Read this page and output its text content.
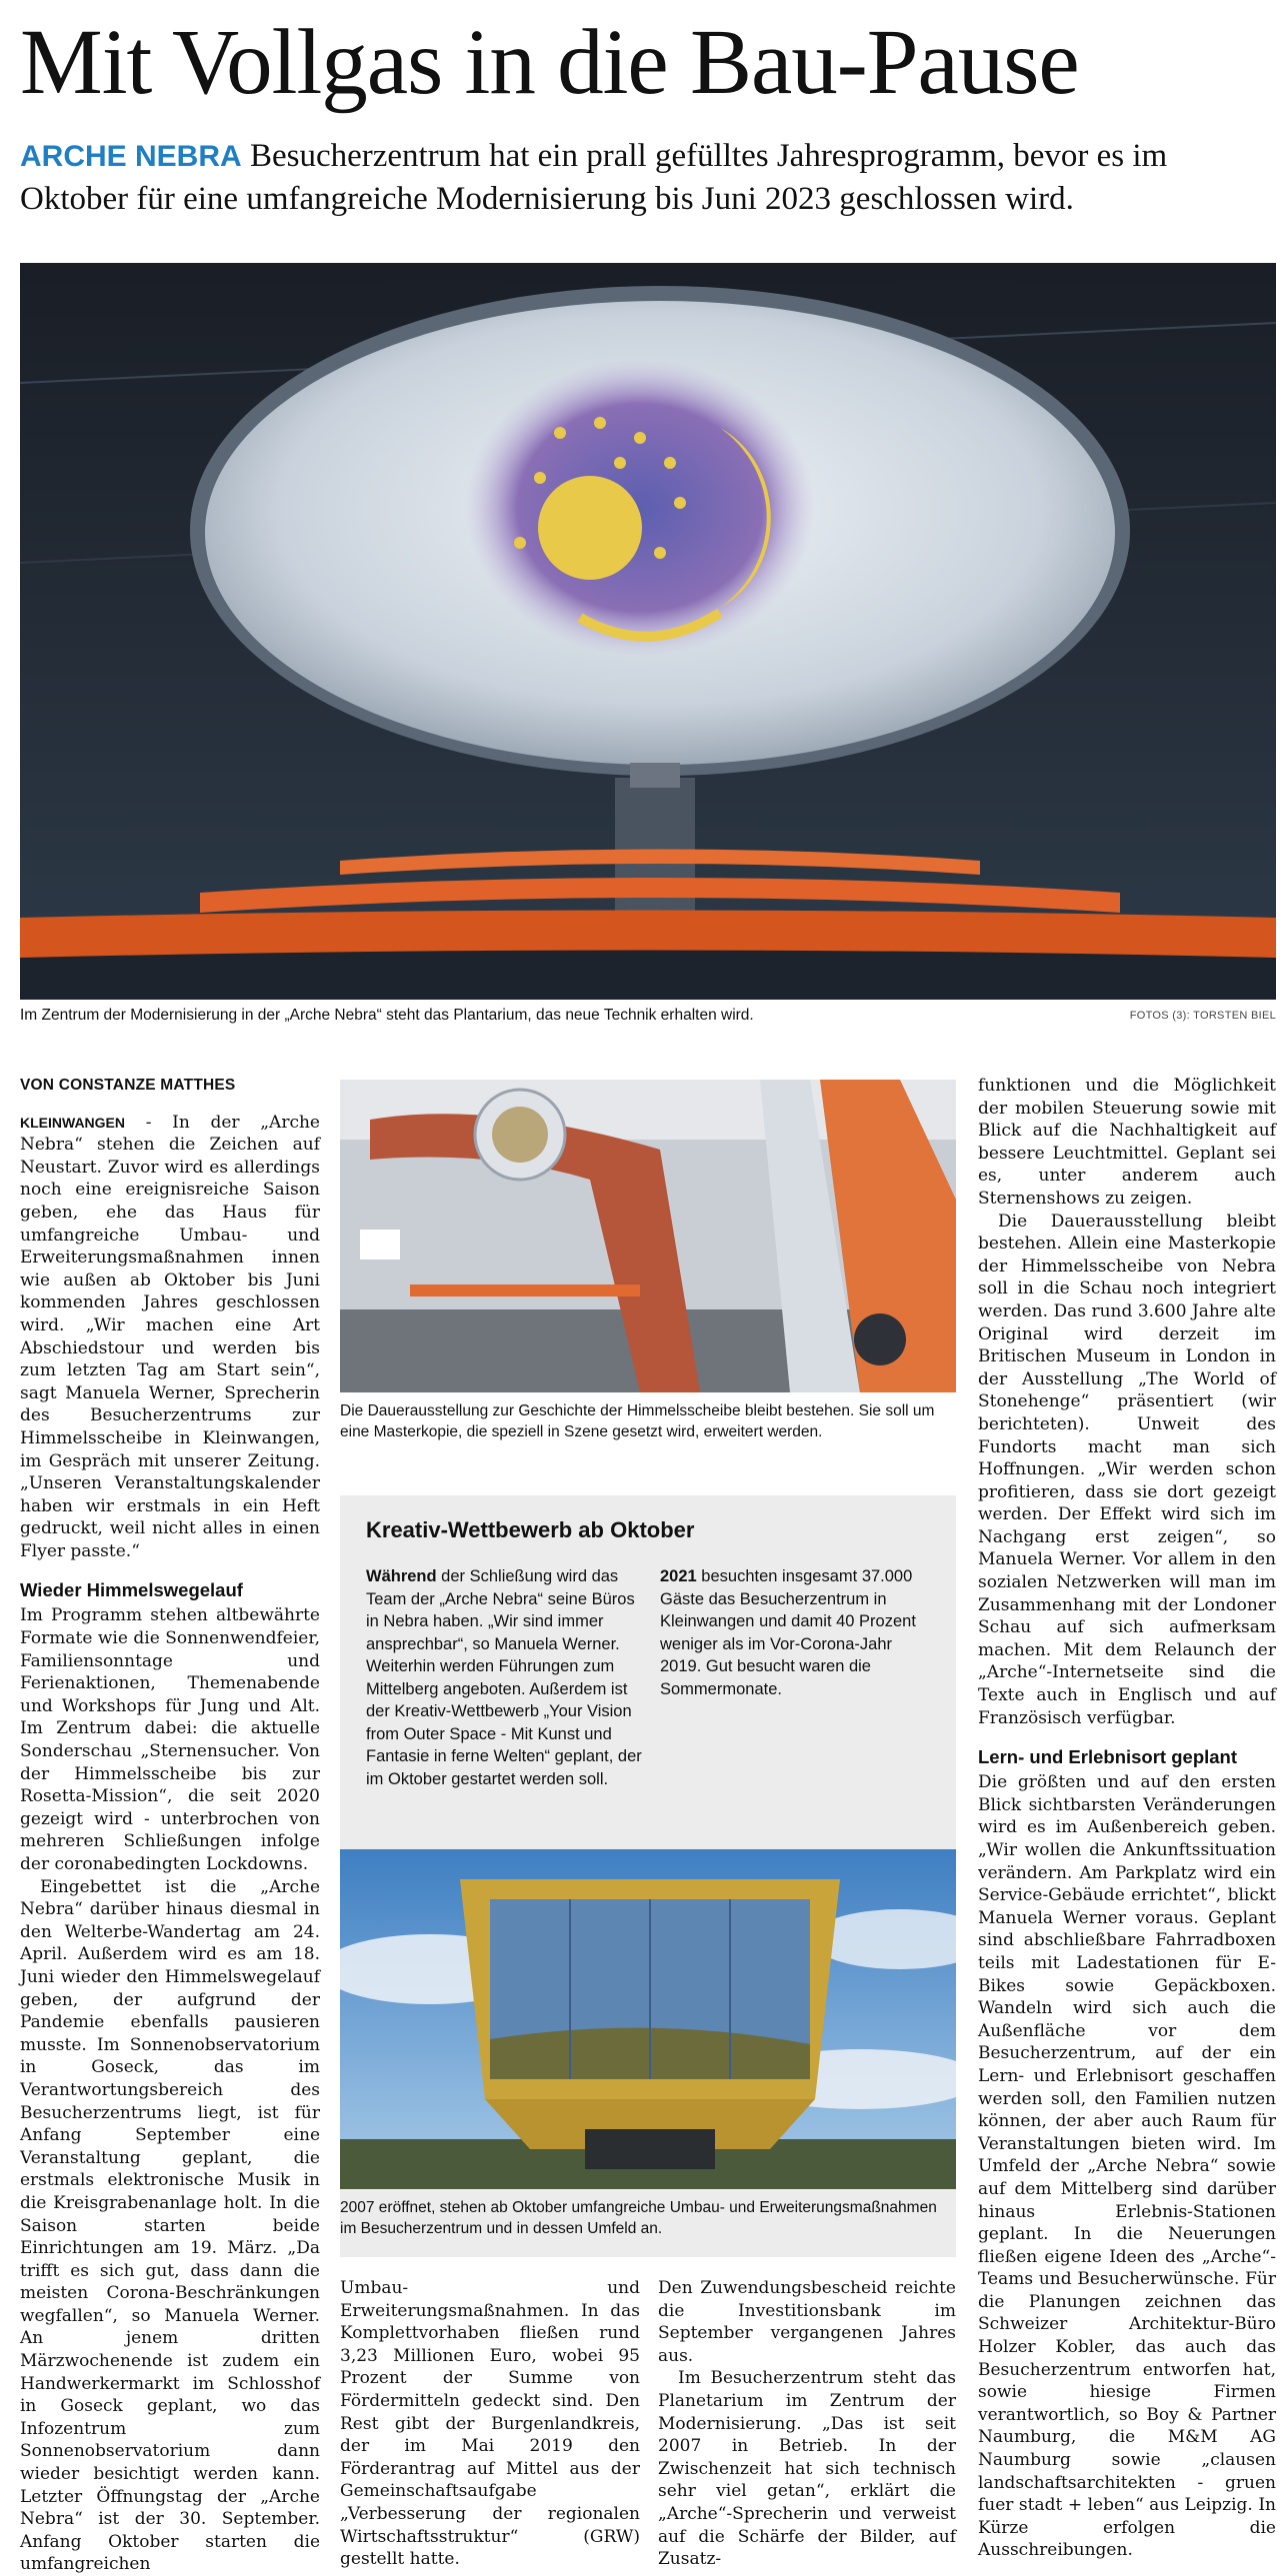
Mit Vollgas in die Bau-Pause
ARCHE NEBRA Besucherzentrum hat ein prall gefülltes Jahresprogramm, bevor es im Oktober für eine umfangreiche Modernisierung bis Juni 2023 geschlossen wird.
Im Zentrum der Modernisierung in der „Arche Nebra“ steht das Plantarium, das neue Technik erhalten wird.	FOTOS (3): TORSTEN BIEL
VON CONSTANZE MATTHES

KLEINWANGEN - In der „Arche Nebra“ stehen die Zeichen auf Neustart. Zuvor wird es allerdings noch eine ereignisreiche Saison geben, ehe das Haus für umfangreiche Umbau- und Erweiterungsmaßnahmen innen wie außen ab Oktober bis Juni kommenden Jahres geschlossen wird. „Wir machen eine Art Abschiedstour und werden bis zum letzten Tag am Start sein“, sagt Manuela Werner, Sprecherin des Besucherzentrums zur Himmelsscheibe in Kleinwangen, im Gespräch mit unserer Zeitung. „Unseren Veranstaltungskalender haben wir erstmals in ein Heft gedruckt, weil nicht alles in einen Flyer passte.“

Wieder Himmelswegelauf

Im Programm stehen altbewährte Formate wie die Sonnenwendfeier, Familiensonntage und Ferienaktionen, Themenabende und Workshops für Jung und Alt. Im Zentrum dabei: die aktuelle Sonderschau „Sternensucher. Von der Himmelsscheibe bis zur Rosetta-Mission“, die seit 2020 gezeigt wird - unterbrochen von mehreren Schließungen infolge der coronabedingten Lockdowns.

Eingebettet ist die „Arche Nebra“ darüber hinaus diesmal in den Welterbe-Wandertag am 24. April. Außerdem wird es am 18. Juni wieder den Himmelswegelauf geben, der aufgrund der Pandemie ebenfalls pausieren musste. Im Sonnenobservatorium in Goseck, das im Verantwortungsbereich des Besucherzentrums liegt, ist für Anfang September eine Veranstaltung geplant, die erstmals elektronische Musik in die Kreisgrabenanlage holt. In die Saison starten beide Einrichtungen am 19. März. „Da trifft es sich gut, dass dann die meisten Corona-Beschränkungen wegfallen“, so Manuela Werner. An jenem dritten Märzwochenende ist zudem ein Handwerkermarkt im Schlosshof in Goseck geplant, wo das Infozentrum zum Sonnenobservatorium dann wieder besichtigt werden kann. Letzter Öffnungstag der „Arche Nebra“ ist der 30. September. Anfang Oktober starten die umfangreichen

Die Dauerausstellung zur Geschichte der Himmelsscheibe bleibt bestehen. Sie soll um eine Masterkopie, die speziell in Szene gesetzt wird, erweitert werden.
Kreativ-Wettbewerb ab Oktober

Während der Schließung wird das Team der „Arche Nebra“ seine Büros in Nebra haben. „Wir sind immer ansprechbar“, so Manuela Werner. Weiterhin werden Führungen zum Mittelberg angeboten. Außerdem ist der Kreativ-Wettbewerb „Your Vision from Outer Space - Mit Kunst und Fantasie in ferne Welten“ geplant, der im Oktober gestartet werden soll.

2021 besuchten insgesamt 37.000 Gäste das Besucherzentrum in Kleinwangen und damit 40 Prozent weniger als im Vor-Corona-Jahr 2019. Gut besucht waren die Sommermonate.

2007 eröffnet, stehen ab Oktober umfangreiche Umbau- und Erweiterungsmaßnahmen im Besucherzentrum und in dessen Umfeld an.

Umbau- und Erweiterungsmaßnahmen. In das Komplettvorhaben fließen rund 3,23 Millionen Euro, wobei 95 Prozent der Summe von Fördermitteln gedeckt sind. Den Rest gibt der Burgenlandkreis, der im Mai 2019 den Förderantrag auf Mittel aus der Gemeinschaftsaufgabe „Verbesserung der regionalen Wirtschaftsstruktur“ (GRW) gestellt hatte.

Den Zuwendungsbescheid reichte die Investitionsbank im September vergangenen Jahres aus.

Im Besucherzentrum steht das Planetarium im Zentrum der Modernisierung. „Das ist seit 2007 in Betrieb. In der Zwischenzeit hat sich technisch sehr viel getan“, erklärt die „Arche“-Sprecherin und verweist auf die Schärfe der Bilder, auf Zusatz-

funktionen und die Möglichkeit der mobilen Steuerung sowie mit Blick auf die Nachhaltigkeit auf bessere Leuchtmittel. Geplant sei es, unter anderem auch Sternenshows zu zeigen.

Die Dauerausstellung bleibt bestehen. Allein eine Masterkopie der Himmelsscheibe von Nebra soll in die Schau noch integriert werden. Das rund 3.600 Jahre alte Original wird derzeit im Britischen Museum in London in der Ausstellung „The World of Stonehenge“ präsentiert (wir berichteten). Unweit des Fundorts macht man sich Hoffnungen. „Wir werden schon profitieren, dass sie dort gezeigt werden. Der Effekt wird sich im Nachgang erst zeigen“, so Manuela Werner. Vor allem in den sozialen Netzwerken will man im Zusammenhang mit der Londoner Schau auf sich aufmerksam machen. Mit dem Relaunch der „Arche“-Internetseite sind die Texte auch in Englisch und auf Französisch verfügbar.

Lern- und Erlebnisort geplant

Die größten und auf den ersten Blick sichtbarsten Veränderungen wird es im Außenbereich geben. „Wir wollen die Ankunftssituation verändern. Am Parkplatz wird ein Service-Gebäude errichtet“, blickt Manuela Werner voraus. Geplant sind abschließbare Fahrradboxen teils mit Ladestationen für E-Bikes sowie Gepäckboxen. Wandeln wird sich auch die Außenfläche vor dem Besucherzentrum, auf der ein Lern- und Erlebnisort geschaffen werden soll, den Familien nutzen können, der aber auch Raum für Veranstaltungen bieten wird. Im Umfeld der „Arche Nebra“ sowie auf dem Mittelberg sind darüber hinaus Erlebnis-Stationen geplant. In die Neuerungen fließen eigene Ideen des „Arche“-Teams und Besucherwünsche. Für die Planungen zeichnen das Schweizer Architektur-Büro Holzer Kobler, das auch das Besucherzentrum entworfen hat, sowie hiesige Firmen verantwortlich, so Boy & Partner Naumburg, die M&M AG Naumburg sowie „clausen landschaftsarchitekten - gruen fuer stadt + leben“ aus Leipzig. In Kürze erfolgen die Ausschreibungen.
